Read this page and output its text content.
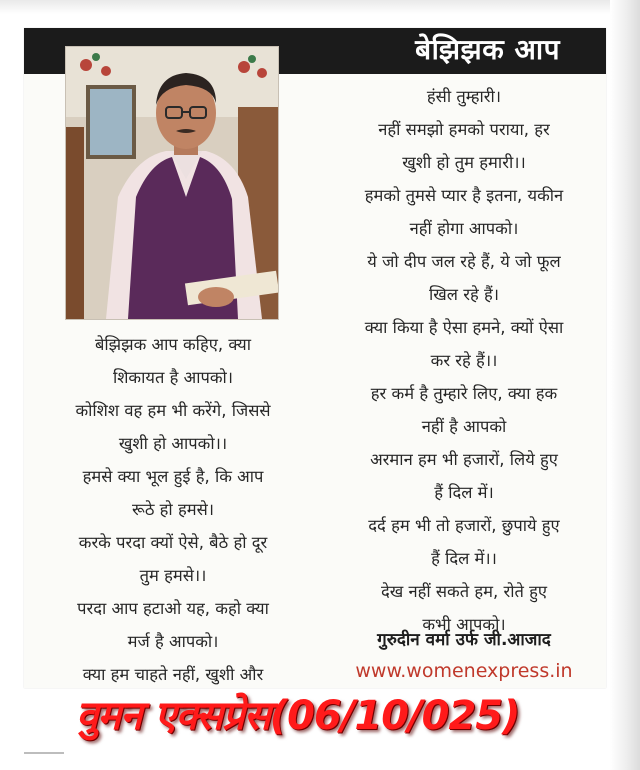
बेझिझक आप

बेझिझक आप कहिए, क्या

शिकायत है आपको।

कोशिश वह हम भी करेंगे, जिससे

खुशी हो आपको।।

हमसे क्या भूल हुई है, कि आप

रूठे हो हमसे।

करके परदा क्यों ऐसे, बैठे हो दूर

तुम हमसे।।

परदा आप हटाओ यह, कहो क्या

मर्ज है आपको।

क्या हम चाहते नहीं, खुशी और

हंसी तुम्हारी।

नहीं समझो हमको पराया, हर

खुशी हो तुम हमारी।।

हमको तुमसे प्यार है इतना, यकीन

नहीं होगा आपको।

ये जो दीप जल रहे हैं, ये जो फूल

खिल रहे हैं।

क्या किया है ऐसा हमने, क्यों ऐसा

कर रहे हैं।।

हर कर्म है तुम्हारे लिए, क्या हक

नहीं है आपको

अरमान हम भी हजारों, लिये हुए

हैं दिल में।

दर्द हम भी तो हजारों, छुपाये हुए

हैं दिल में।।

देख नहीं सकते हम, रोते हुए

कभी आपको।

गुरुदीन वर्मा उर्फ जी.आजाद
www.womenexpress.in
वुमन एक्सप्रेस(06/10/025)
